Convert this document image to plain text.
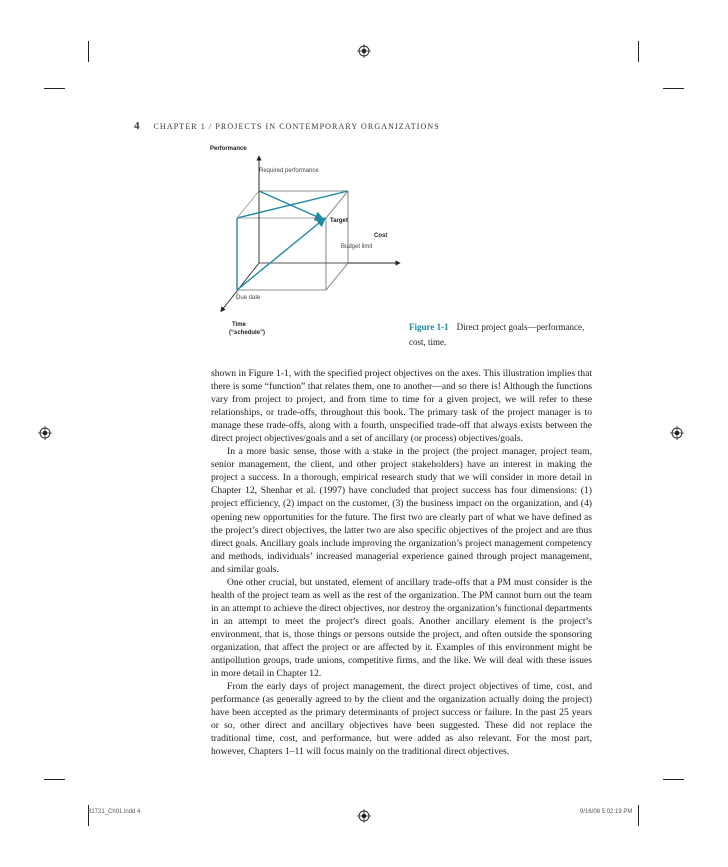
4 CHAPTER 1 / PROJECTS IN CONTEMPORARY ORGANIZATIONS
Performance
Required performance
Target
Cost
Budget limit
Due date
Time
(“schedule”)
Figure 1-1 Direct project goals—performance, cost, time.

shown in Figure 1-1, with the specified project objectives on the axes. This illustration implies that there is some “function” that relates them, one to another—and so there is! Although the functions vary from project to project, and from time to time for a given project, we will refer to these relationships, or trade-offs, throughout this book. The primary task of the project manager is to manage these trade-offs, along with a fourth, unspecified trade-off that always exists between the direct project objectives/goals and a set of ancillary (or process) objectives/goals.

In a more basic sense, those with a stake in the project (the project manager, project team, senior management, the client, and other project stakeholders) have an interest in making the project a success. In a thorough, empirical research study that we will consider in more detail in Chapter 12, Shenhar et al. (1997) have concluded that project success has four dimensions: (1) project efficiency, (2) impact on the customer, (3) the business impact on the organization, and (4) opening new opportunities for the future. The first two are clearly part of what we have defined as the project’s direct objectives, the latter two are also specific objectives of the project and are thus direct goals. Ancillary goals include improving the organization’s project management competency and methods, individuals’ increased managerial experience gained through project management, and similar goals.

One other crucial, but unstated, element of ancillary trade-offs that a PM must consider is the health of the project team as well as the rest of the organization. The PM cannot burn out the team in an attempt to achieve the direct objectives, nor destroy the organization’s functional departments in an attempt to meet the project’s direct goals. Another ancillary element is the project’s environment, that is, those things or persons outside the project, and often outside the sponsoring organization, that affect the project or are affected by it. Examples of this environment might be antipollution groups, trade unions, competitive firms, and the like. We will deal with these issues in more detail in Chapter 12.

From the early days of project management, the direct project objectives of time, cost, and performance (as generally agreed to by the client and the organization actually doing the project) have been accepted as the primary determinants of project success or failure. In the past 25 years or so, other direct and ancillary objectives have been suggested. These did not replace the traditional time, cost, and performance, but were added as also relevant. For the most part, however, Chapters 1–11 will focus mainly on the traditional direct objectives.

81721_Ch01.indd 4	9/16/08 5:02:19 PM
